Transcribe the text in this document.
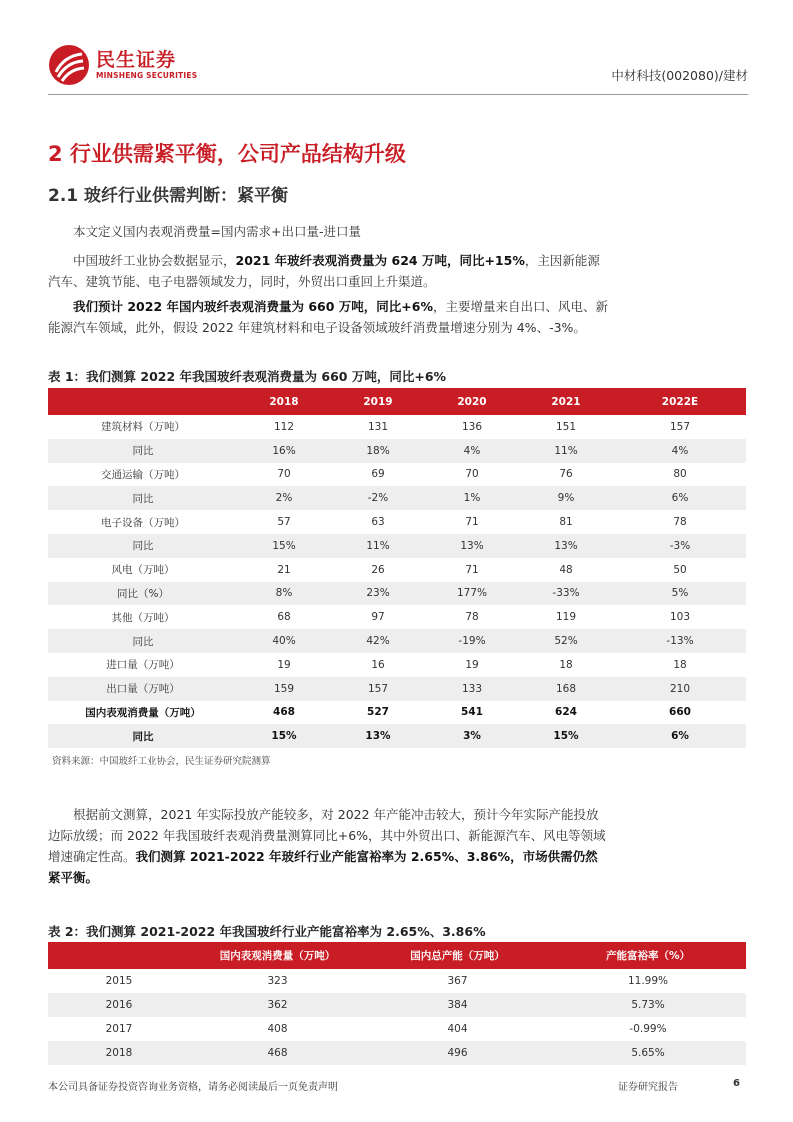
民生证券
MINSHENG SECURITIES	中材科技(002080)/建材
2 行业供需紧平衡，公司产品结构升级
2.1 玻纤行业供需判断：紧平衡
本文定义国内表观消费量=国内需求+出口量-进口量
中国玻纤工业协会数据显示，2021 年玻纤表观消费量为 624 万吨，同比+15%，主因新能源汽车、建筑节能、电子电器领域发力，同时，外贸出口重回上升渠道。
我们预计 2022 年国内玻纤表观消费量为 660 万吨，同比+6%，主要增量来自出口、风电、新能源汽车领域，此外，假设 2022 年建筑材料和电子设备领域玻纤消费量增速分别为 4%、-3%。
表 1：我们测算 2022 年我国玻纤表观消费量为 660 万吨，同比+6%
	2018	2019	2020	2021	2022E
建筑材料（万吨）	112	131	136	151	157
同比	16%	18%	4%	11%	4%
交通运输（万吨）	70	69	70	76	80
同比	2%	-2%	1%	9%	6%
电子设备（万吨）	57	63	71	81	78
同比	15%	11%	13%	13%	-3%
风电（万吨）	21	26	71	48	50
同比（%）	8%	23%	177%	-33%	5%
其他（万吨）	68	97	78	119	103
同比	40%	42%	-19%	52%	-13%
进口量（万吨）	19	16	19	18	18
出口量（万吨）	159	157	133	168	210
国内表观消费量（万吨）	468	527	541	624	660
同比	15%	13%	3%	15%	6%
资料来源：中国玻纤工业协会，民生证券研究院测算
根据前文测算，2021 年实际投放产能较多，对 2022 年产能冲击较大，预计今年实际产能投放边际放缓；而 2022 年我国玻纤表观消费量测算同比+6%，其中外贸出口、新能源汽车、风电等领域增速确定性高。我们测算 2021-2022 年玻纤行业产能富裕率为 2.65%、3.86%，市场供需仍然紧平衡。
表 2：我们测算 2021-2022 年我国玻纤行业产能富裕率为 2.65%、3.86%
	国内表观消费量（万吨）	国内总产能（万吨）	产能富裕率（%）
2015	323	367	11.99%
2016	362	384	5.73%
2017	408	404	-0.99%
2018	468	496	5.65%
本公司具备证券投资咨询业务资格，请务必阅读最后一页免责声明	证券研究报告	6
